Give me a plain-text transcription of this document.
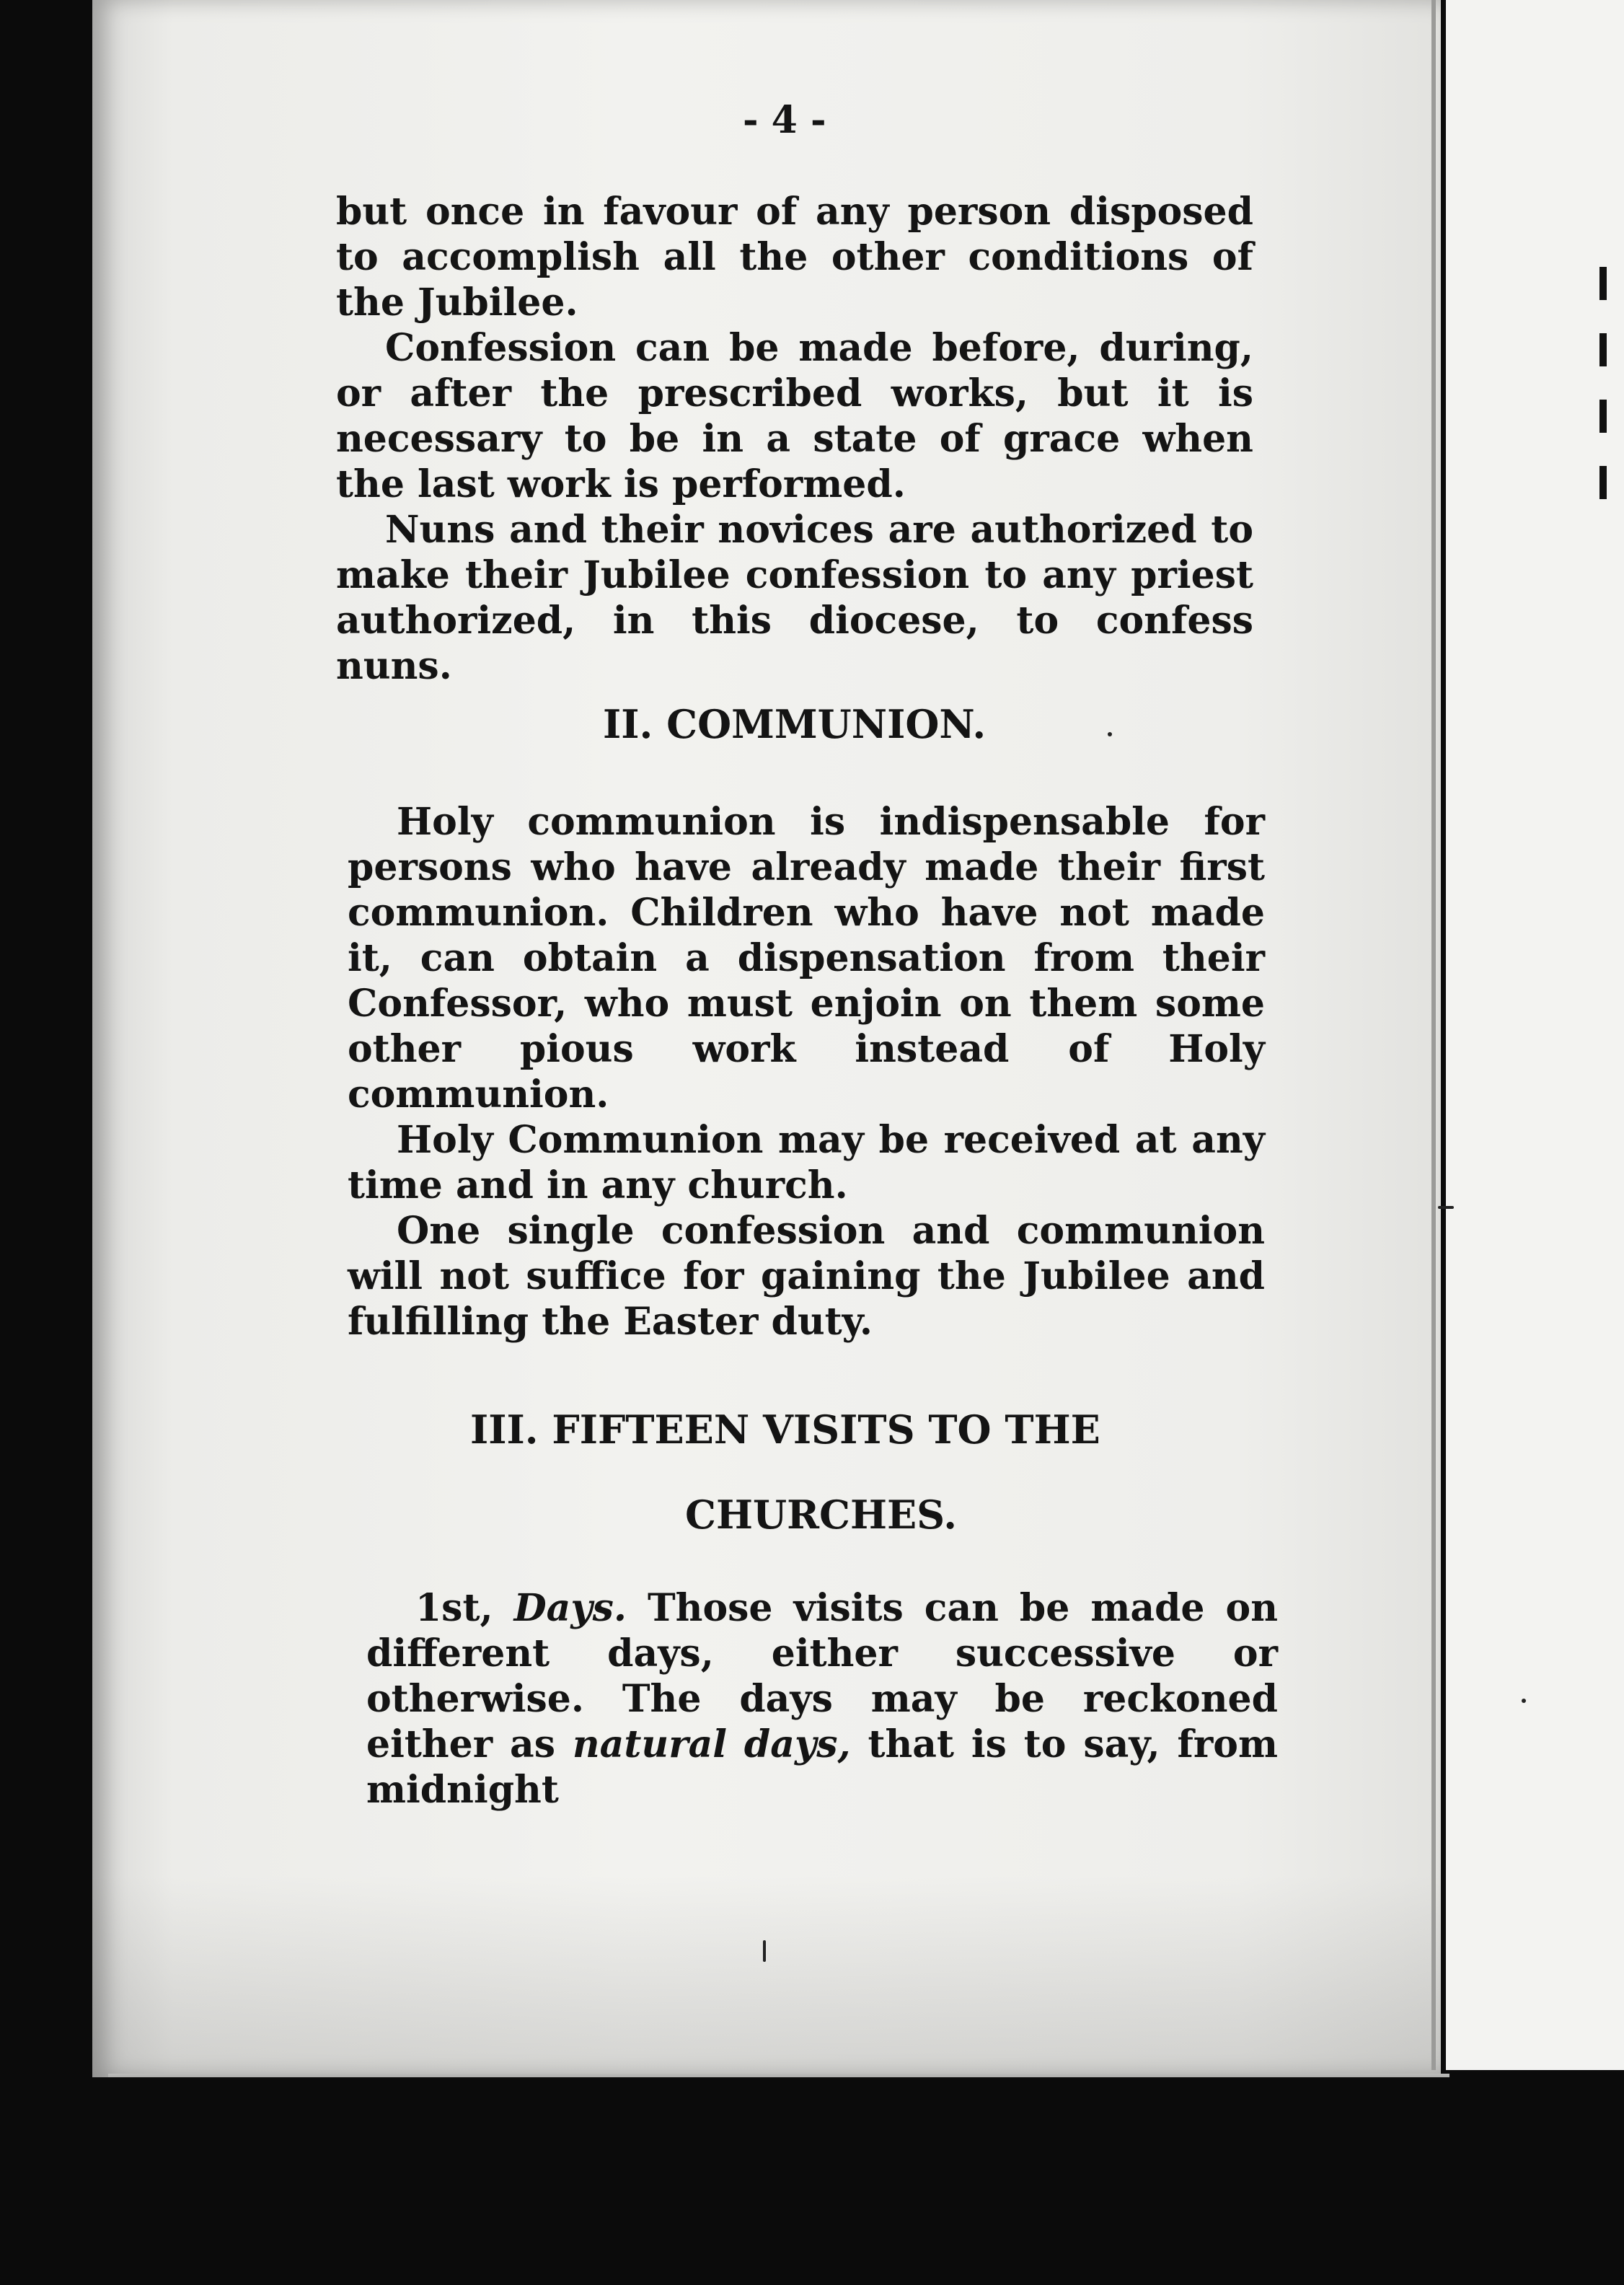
- 4 -

but once in favour of any person disposed to accomplish all the other conditions of the Jubilee.

Confession can be made before, during, or after the prescribed works, but it is necessary to be in a state of grace when the last work is performed.

Nuns and their novices are authorized to make their Jubilee confession to any priest authorized, in this diocese, to confess nuns.

II. COMMUNION.

Holy communion is indispensable for persons who have already made their first communion. Children who have not made it, can obtain a dispensation from their Confessor, who must enjoin on them some other pious work instead of Holy communion.

Holy Communion may be received at any time and in any church.

One single confession and communion will not suffice for gaining the Jubilee and fulfilling the Easter duty.

III. FIFTEEN VISITS TO THE
CHURCHES.

1st, Days. Those visits can be made on different days, either successive or otherwise. The days may be reckoned either as natural days, that is to say, from midnight
